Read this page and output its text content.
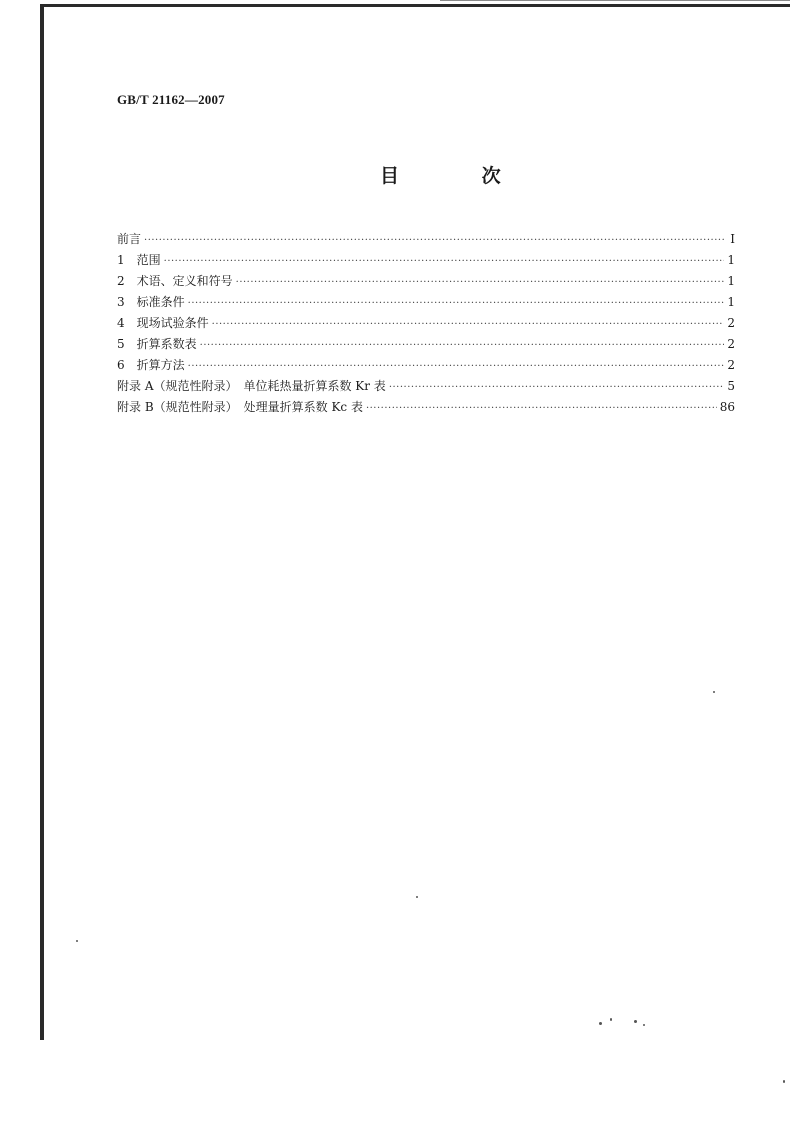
GB/T 21162—2007
目 次
前言 ·····	I
1　范围 ·····	1
2　术语、定义和符号 ·····	1
3　标准条件 ·····	1
4　现场试验条件 ·····	2
5　折算系数表 ·····	2
6　折算方法 ·····	2
附录 A（规范性附录）　单位耗热量折算系数 Kr 表 ·····	5
附录 B（规范性附录）　处理量折算系数 Kc 表 ·····	86
